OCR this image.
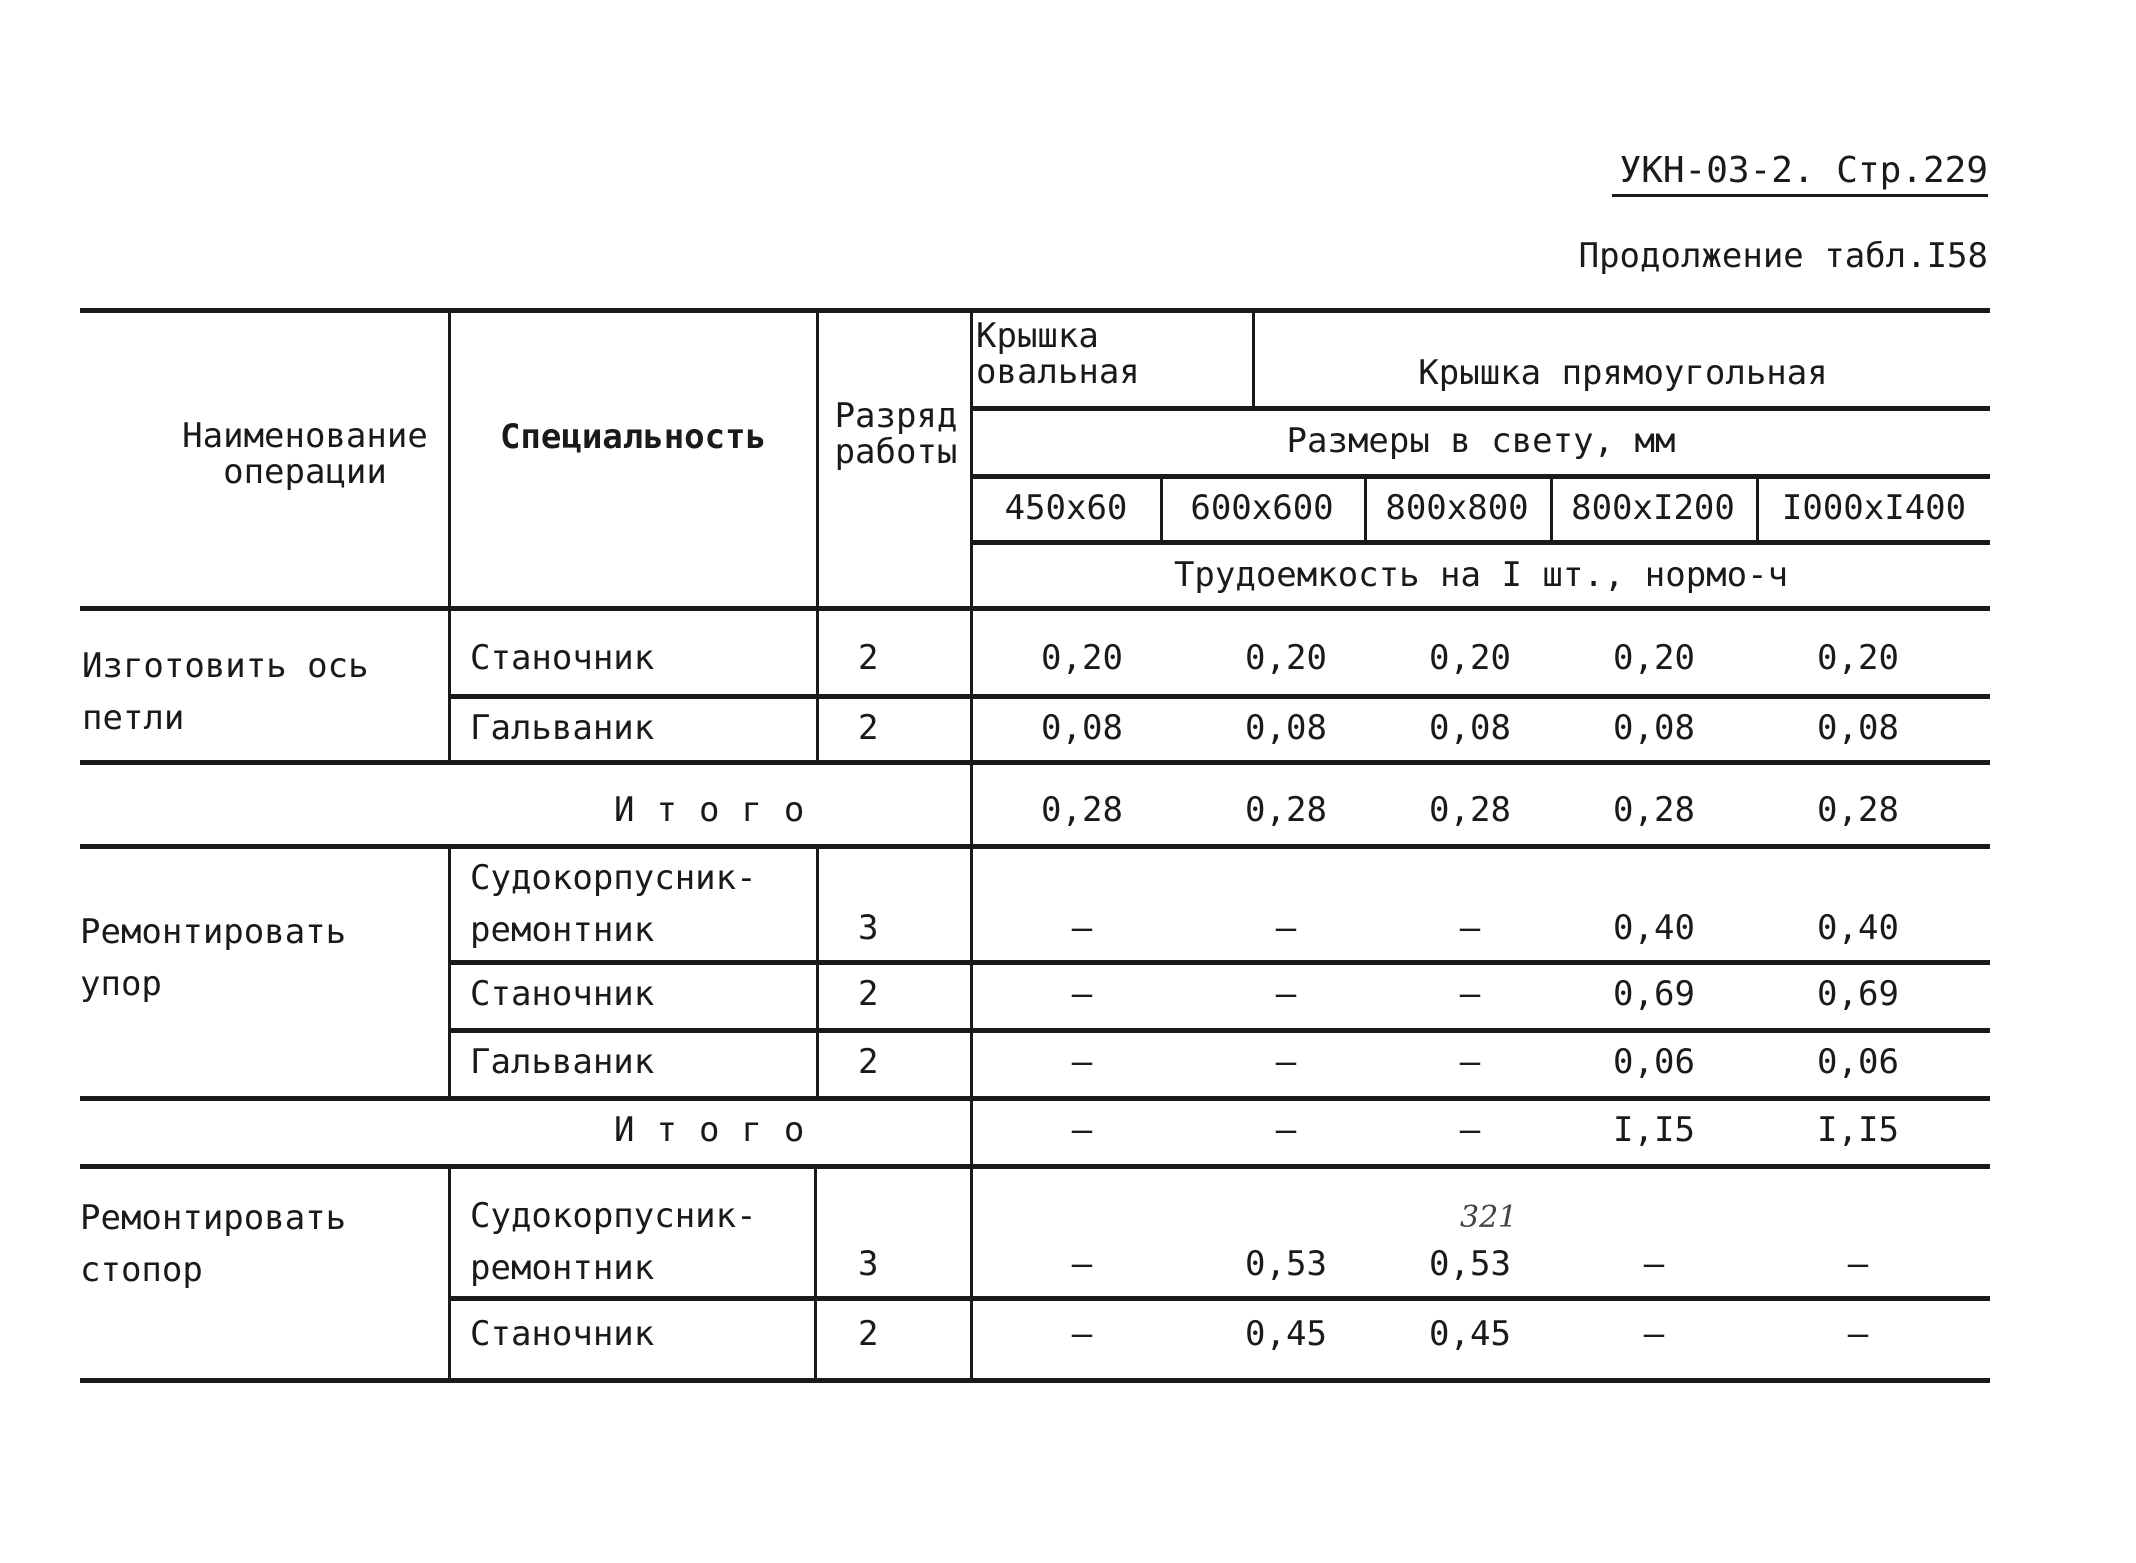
УКН-03-2. Стр.229
Продолжение табл.I58
Наименование операции
Специальность
Разряд работы
Крышка овальная	Крышка прямоугольная
Размеры в свету, мм
450x60	600x600	800x800	800xI200	I000xI400
Трудоемкость на I шт., нормо-ч
Изготовить ось петли
Станочник	2	0,20	0,20	0,20	0,20	0,20
Гальваник	2	0,08	0,08	0,08	0,08	0,08
Итого	0,28	0,28	0,28	0,28	0,28
Ремонтировать упор
Судокорпусник-ремонтник	3	–	–	–	0,40	0,40
Станочник	2	–	–	–	0,69	0,69
Гальваник	2	–	–	–	0,06	0,06
Итого	–	–	–	I,I5	I,I5
Ремонтировать стопор
Судокорпусник-ремонтник	3	–	0,53	0,53	–	–
Станочник	2	–	0,45	0,45	–	–
321
